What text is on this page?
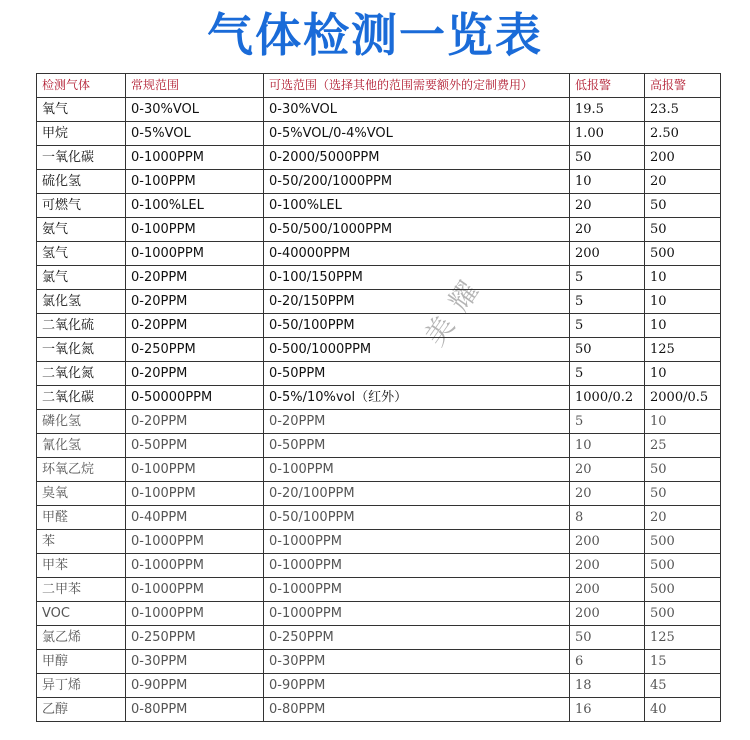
气体检测一览表
检测气体	常规范围	可选范围（选择其他的范围需要额外的定制费用）	低报警	高报警
氧气	0-30%VOL	0-30%VOL	19.5	23.5
甲烷	0-5%VOL	0-5%VOL/0-4%VOL	1.00	2.50
一氧化碳	0-1000PPM	0-2000/5000PPM	50	200
硫化氢	0-100PPM	0-50/200/1000PPM	10	20
可燃气	0-100%LEL	0-100%LEL	20	50
氨气	0-100PPM	0-50/500/1000PPM	20	50
氢气	0-1000PPM	0-40000PPM	200	500
氯气	0-20PPM	0-100/150PPM	5	10
氯化氢	0-20PPM	0-20/150PPM	5	10
二氧化硫	0-20PPM	0-50/100PPM	5	10
一氧化氮	0-250PPM	0-500/1000PPM	50	125
二氧化氮	0-20PPM	0-50PPM	5	10
二氧化碳	0-50000PPM	0-5%/10%vol（红外）	1000/0.2	2000/0.5
磷化氢	0-20PPM	0-20PPM	5	10
氰化氢	0-50PPM	0-50PPM	10	25
环氧乙烷	0-100PPM	0-100PPM	20	50
臭氧	0-100PPM	0-20/100PPM	20	50
甲醛	0-40PPM	0-50/100PPM	8	20
苯	0-1000PPM	0-1000PPM	200	500
甲苯	0-1000PPM	0-1000PPM	200	500
二甲苯	0-1000PPM	0-1000PPM	200	500
VOC	0-1000PPM	0-1000PPM	200	500
氯乙烯	0-250PPM	0-250PPM	50	125
甲醇	0-30PPM	0-30PPM	6	15
异丁烯	0-90PPM	0-90PPM	18	45
乙醇	0-80PPM	0-80PPM	16	40
美耀
